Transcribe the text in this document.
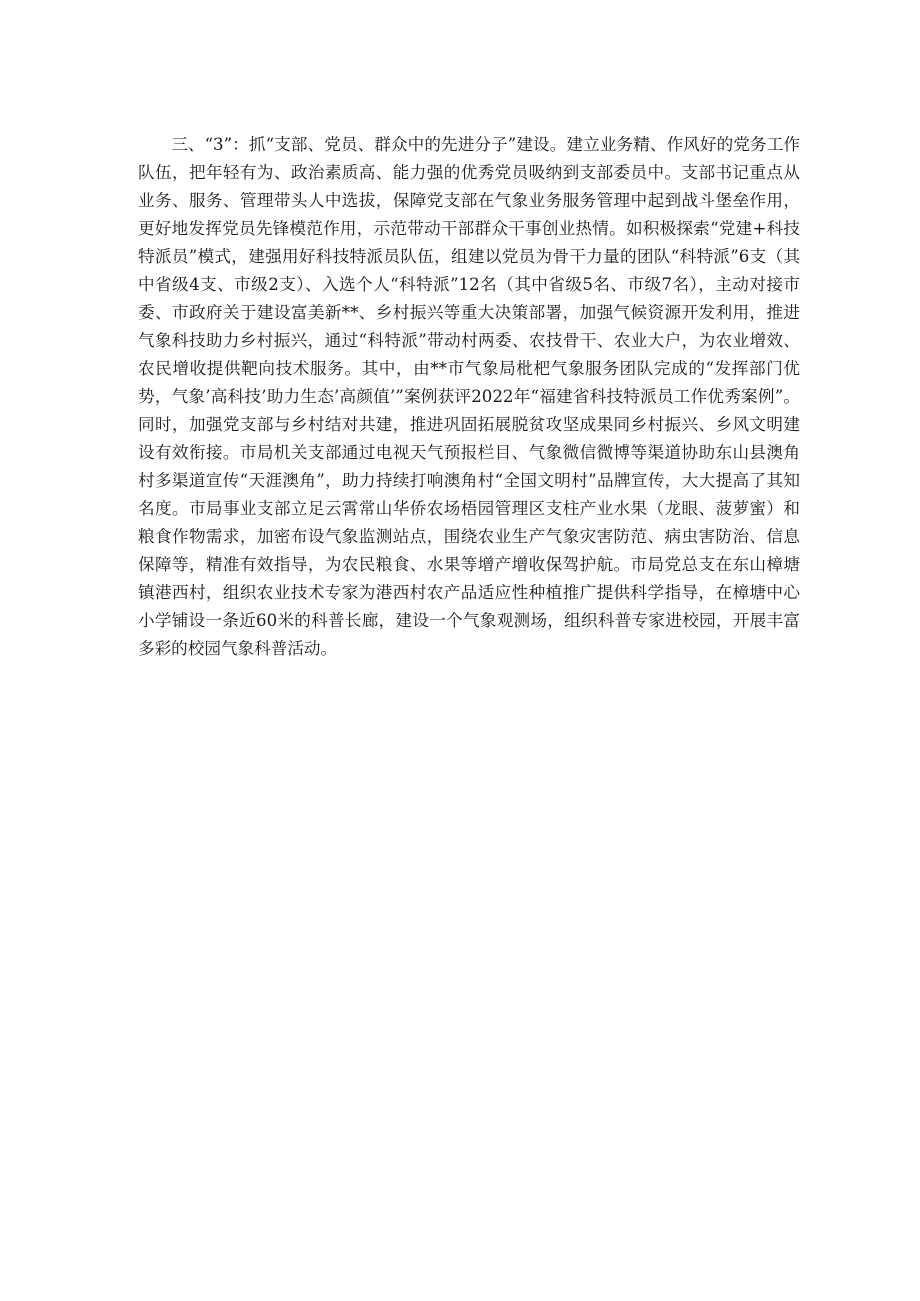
三、“3”：抓“支部、党员、群众中的先进分子”建设。建立业务精、作风好的党务工作队伍，把年轻有为、政治素质高、能力强的优秀党员吸纳到支部委员中。支部书记重点从业务、服务、管理带头人中选拔，保障党支部在气象业务服务管理中起到战斗堡垒作用，更好地发挥党员先锋模范作用，示范带动干部群众干事创业热情。如积极探索“党建+科技特派员”模式，建强用好科技特派员队伍，组建以党员为骨干力量的团队“科特派”6支（其中省级4支、市级2支）、入选个人“科特派”12名（其中省级5名、市级7名），主动对接市委、市政府关于建设富美新**、乡村振兴等重大决策部署，加强气候资源开发利用，推进气象科技助力乡村振兴，通过“科特派”带动村两委、农技骨干、农业大户，为农业增效、农民增收提供靶向技术服务。其中，由**市气象局枇杷气象服务团队完成的“发挥部门优势，气象’高科技’助力生态’高颜值’”案例获评2022年“福建省科技特派员工作优秀案例”。同时，加强党支部与乡村结对共建，推进巩固拓展脱贫攻坚成果同乡村振兴、乡风文明建设有效衔接。市局机关支部通过电视天气预报栏目、气象微信微博等渠道协助东山县澳角村多渠道宣传“天涯澳角”，助力持续打响澳角村“全国文明村”品牌宣传，大大提高了其知名度。市局事业支部立足云霄常山华侨农场梧园管理区支柱产业水果（龙眼、菠萝蜜）和粮食作物需求，加密布设气象监测站点，围绕农业生产气象灾害防范、病虫害防治、信息保障等，精准有效指导，为农民粮食、水果等增产增收保驾护航。市局党总支在东山樟塘镇港西村，组织农业技术专家为港西村农产品适应性种植推广提供科学指导，在樟塘中心小学铺设一条近60米的科普长廊，建设一个气象观测场，组织科普专家进校园，开展丰富多彩的校园气象科普活动。
